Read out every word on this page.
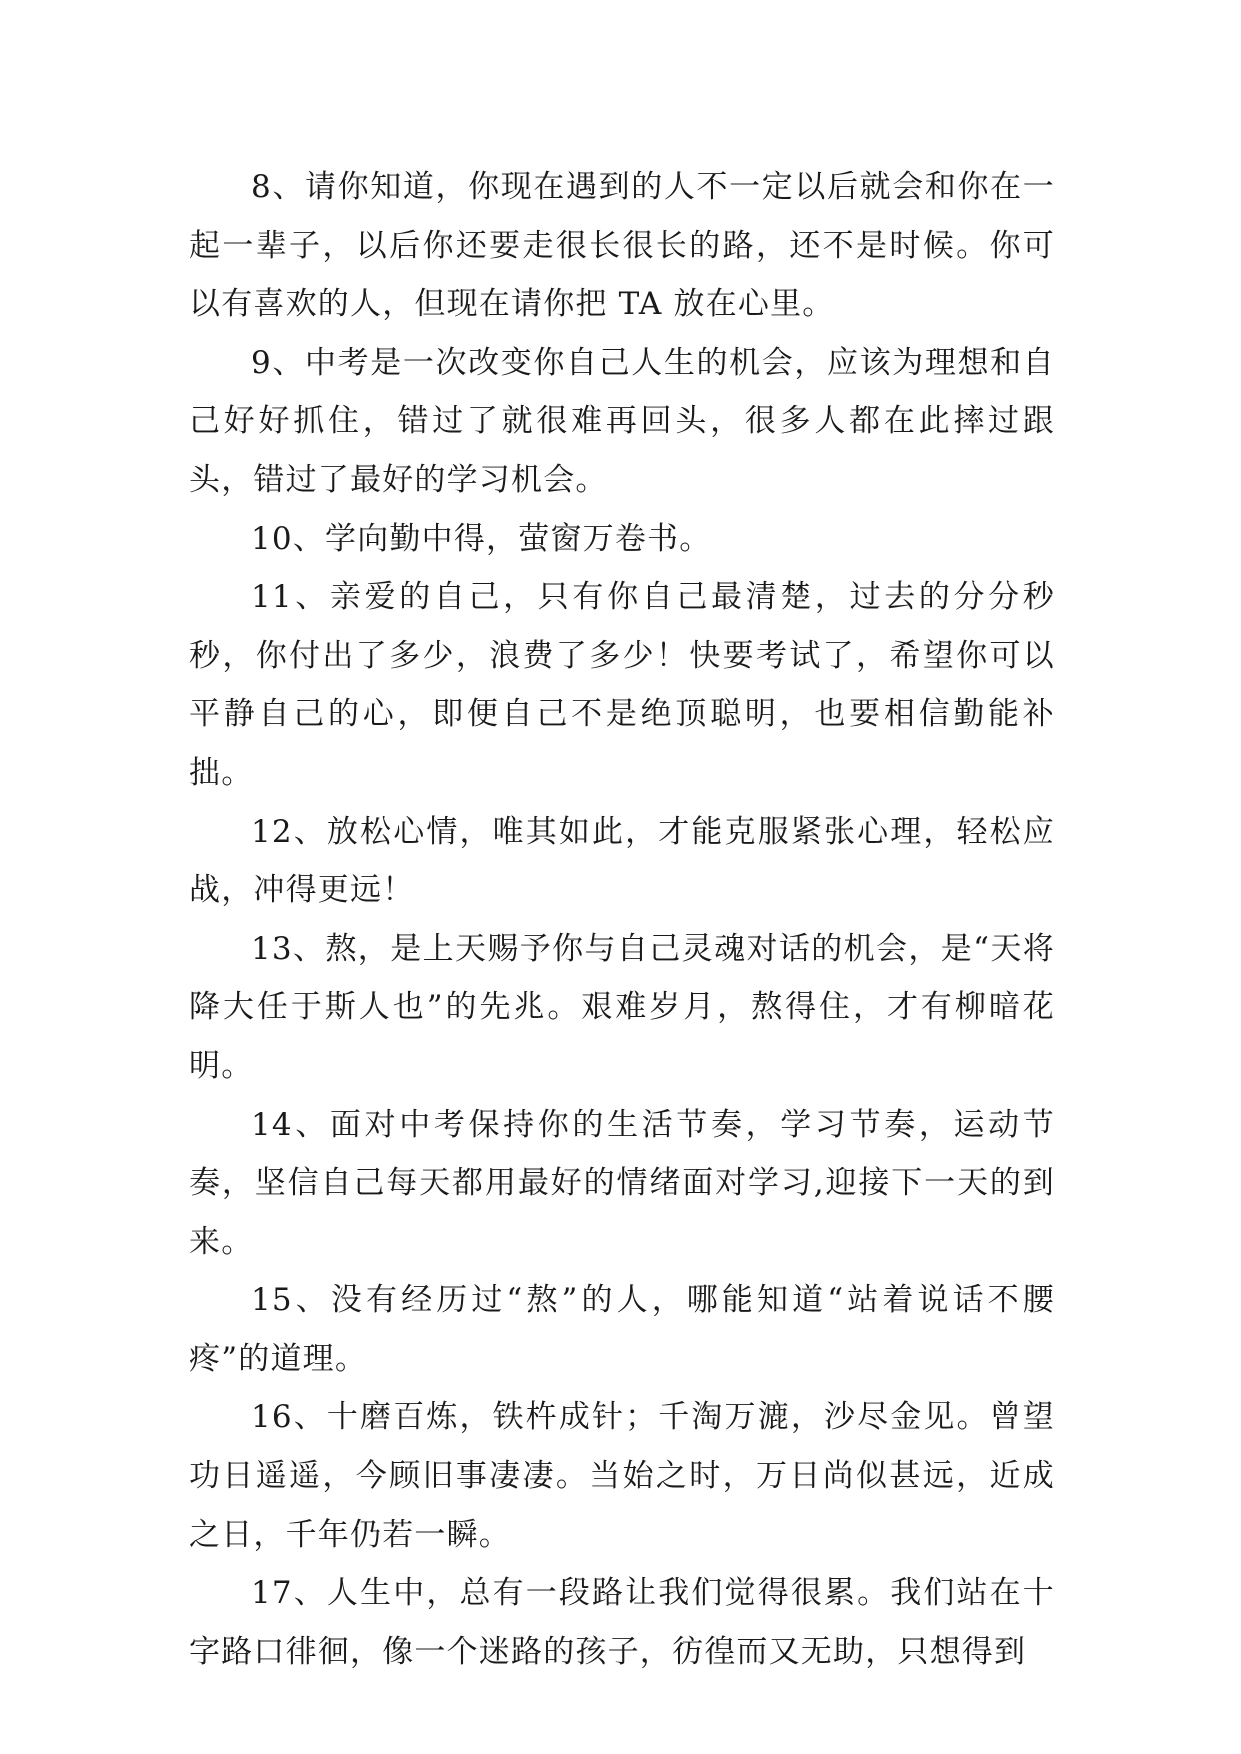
8、请你知道，你现在遇到的人不一定以后就会和你在一起一辈子，以后你还要走很长很长的路，还不是时候。你可以有喜欢的人，但现在请你把 TA 放在心里。

9、中考是一次改变你自己人生的机会，应该为理想和自己好好抓住，错过了就很难再回头，很多人都在此摔过跟头，错过了最好的学习机会。

10、学向勤中得，萤窗万卷书。

11、亲爱的自己，只有你自己最清楚，过去的分分秒秒，你付出了多少，浪费了多少！快要考试了，希望你可以平静自己的心，即便自己不是绝顶聪明，也要相信勤能补拙。

12、放松心情，唯其如此，才能克服紧张心理，轻松应战，冲得更远！

13、熬，是上天赐予你与自己灵魂对话的机会，是“天将降大任于斯人也”的先兆。艰难岁月，熬得住，才有柳暗花明。

14、面对中考保持你的生活节奏，学习节奏，运动节奏，坚信自己每天都用最好的情绪面对学习,迎接下一天的到来。

15、没有经历过“熬”的人，哪能知道“站着说话不腰疼”的道理。

16、十磨百炼，铁杵成针；千淘万漉，沙尽金见。曾望功日遥遥，今顾旧事凄凄。当始之时，万日尚似甚远，近成之日，千年仍若一瞬。

17、人生中，总有一段路让我们觉得很累。我们站在十字路口徘徊，像一个迷路的孩子，彷徨而又无助，只想得到
